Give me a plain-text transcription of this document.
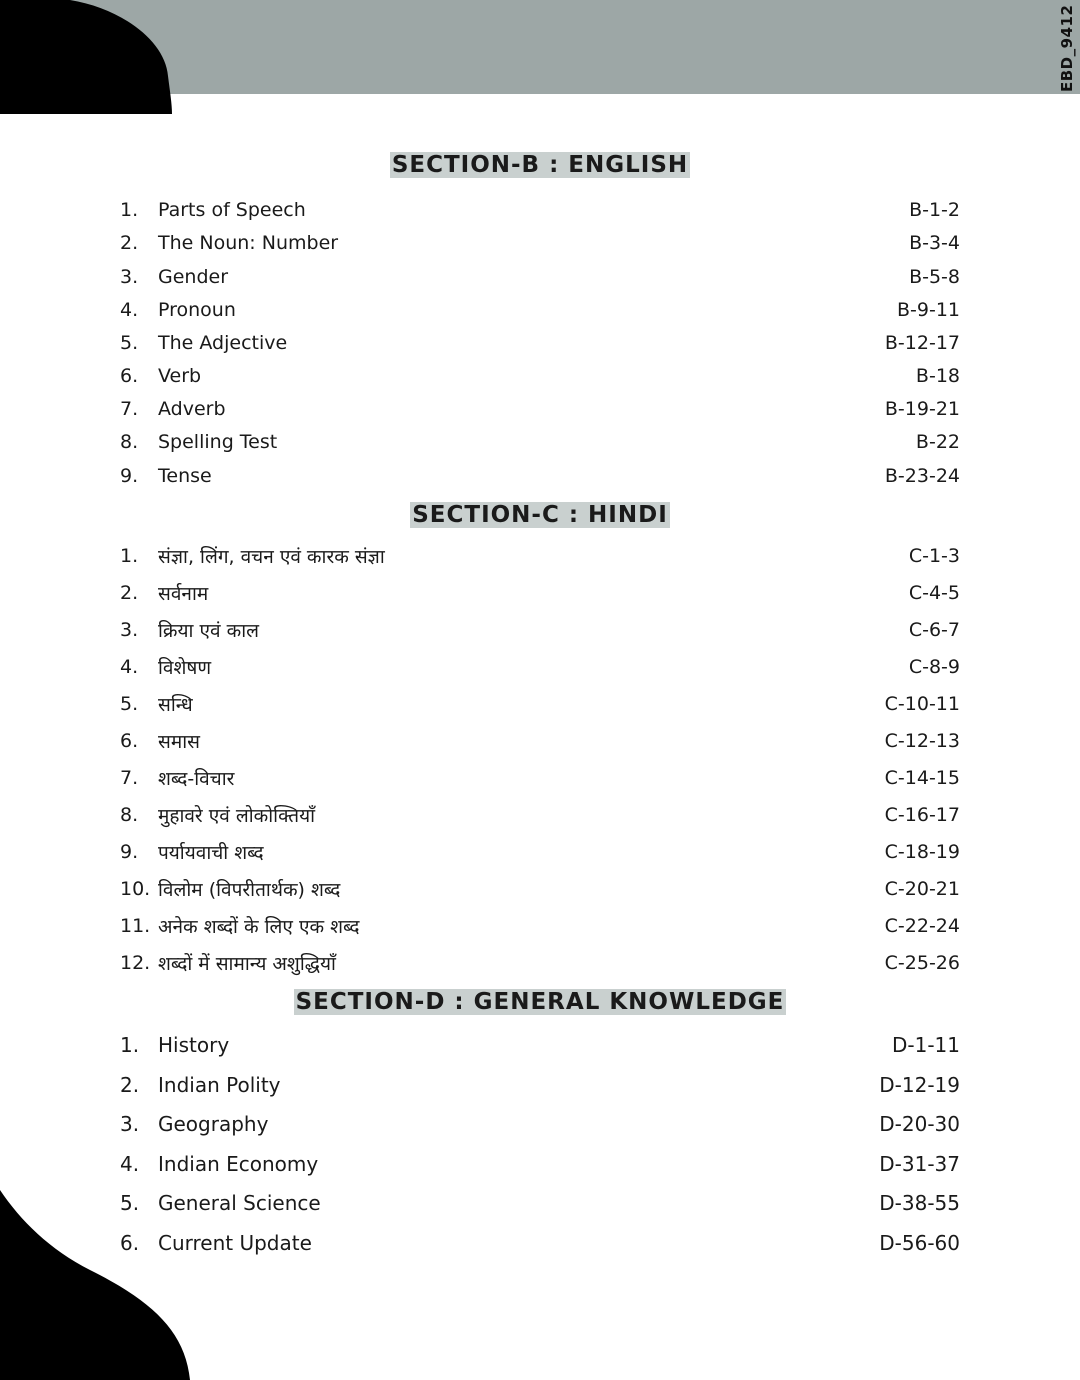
EBD_9412
SECTION-B : ENGLISH
1.	Parts of Speech	B-1-2
2.	The Noun: Number	B-3-4
3.	Gender	B-5-8
4.	Pronoun	B-9-11
5.	The Adjective	B-12-17
6.	Verb	B-18
7.	Adverb	B-19-21
8.	Spelling Test	B-22
9.	Tense	B-23-24
SECTION-C : HINDI
1.	संज्ञा, लिंग, वचन एवं कारक संज्ञा	C-1-3
2.	सर्वनाम	C-4-5
3.	क्रिया एवं काल	C-6-7
4.	विशेषण	C-8-9
5.	सन्धि	C-10-11
6.	समास	C-12-13
7.	शब्द-विचार	C-14-15
8.	मुहावरे एवं लोकोक्तियाँ	C-16-17
9.	पर्यायवाची शब्द	C-18-19
10. विलोम (विपरीतार्थक) शब्द	C-20-21
11. अनेक शब्दों के लिए एक शब्द	C-22-24
12. शब्दों में सामान्य अशुद्धियाँ	C-25-26
SECTION-D : GENERAL KNOWLEDGE
1. History	D-1-11
2. Indian Polity	D-12-19
3. Geography	D-20-30
4. Indian Economy	D-31-37
5. General Science	D-38-55
6. Current Update	D-56-60
